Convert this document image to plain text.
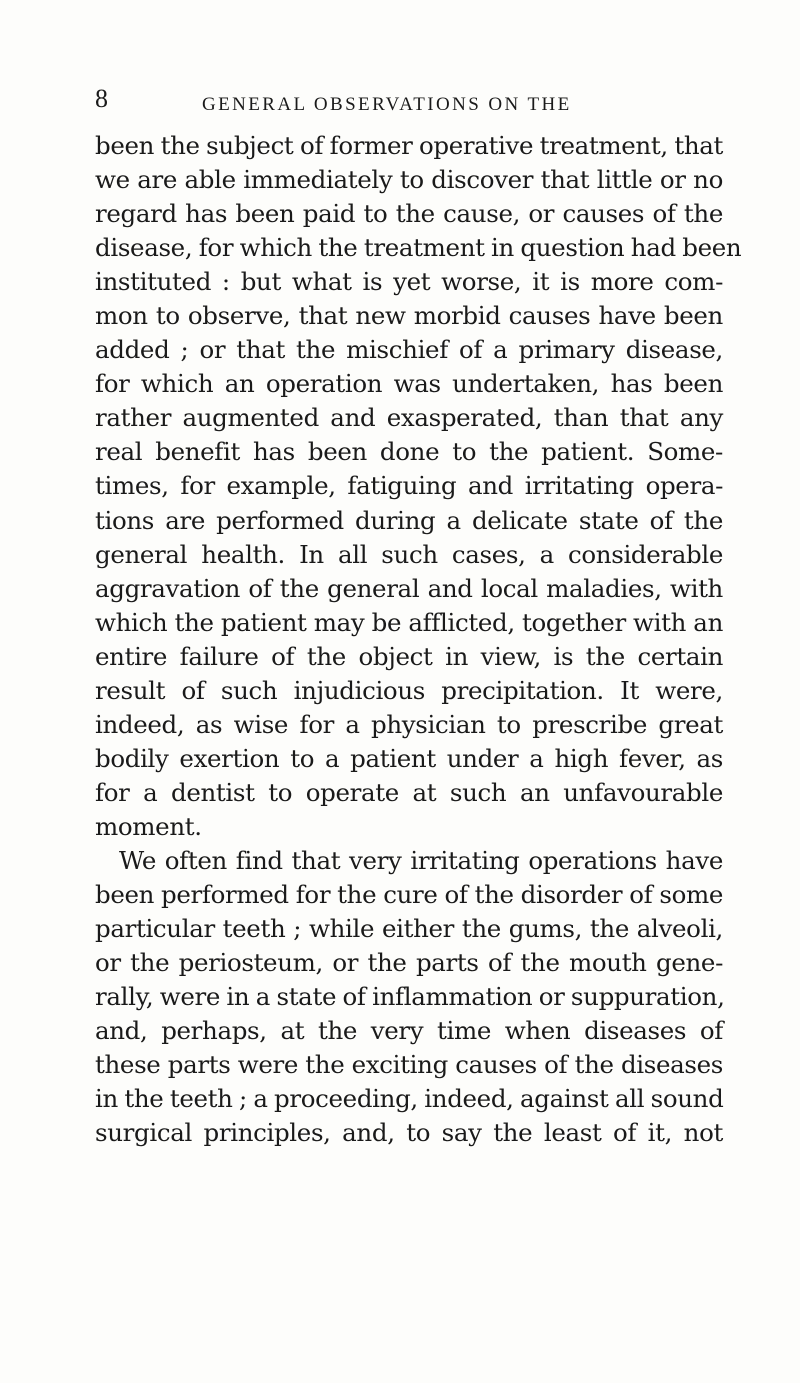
8	GENERAL OBSERVATIONS ON THE
been the subject of former operative treatment, that
we are able immediately to discover that little or no
regard has been paid to the cause, or causes of the
disease, for which the treatment in question had been
instituted : but what is yet worse, it is more com-
mon to observe, that new morbid causes have been
added ; or that the mischief of a primary disease,
for which an operation was undertaken, has been
rather augmented and exasperated, than that any
real benefit has been done to the patient. Some-
times, for example, fatiguing and irritating opera-
tions are performed during a delicate state of the
general health. In all such cases, a considerable
aggravation of the general and local maladies, with
which the patient may be afflicted, together with an
entire failure of the object in view, is the certain
result of such injudicious precipitation. It were,
indeed, as wise for a physician to prescribe great
bodily exertion to a patient under a high fever, as
for a dentist to operate at such an unfavourable
moment.
We often find that very irritating operations have
been performed for the cure of the disorder of some
particular teeth ; while either the gums, the alveoli,
or the periosteum, or the parts of the mouth gene-
rally, were in a state of inflammation or suppuration,
and, perhaps, at the very time when diseases of
these parts were the exciting causes of the diseases
in the teeth ; a proceeding, indeed, against all sound
surgical principles, and, to say the least of it, not
